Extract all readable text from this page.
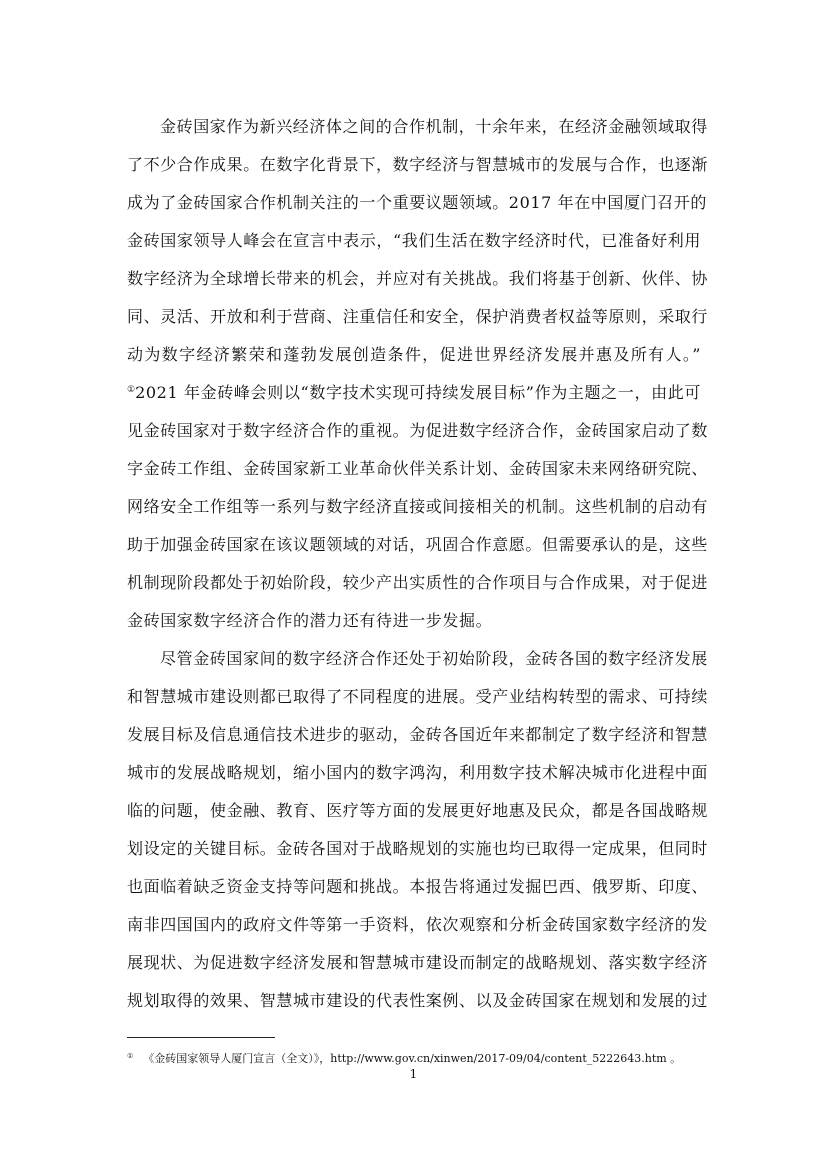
金砖国家作为新兴经济体之间的合作机制，十余年来，在经济金融领域取得
了不少合作成果。在数字化背景下，数字经济与智慧城市的发展与合作，也逐渐
成为了金砖国家合作机制关注的一个重要议题领域。2017 年在中国厦门召开的
金砖国家领导人峰会在宣言中表示，“我们生活在数字经济时代，已准备好利用
数字经济为全球增长带来的机会，并应对有关挑战。我们将基于创新、伙伴、协
同、灵活、开放和利于营商、注重信任和安全，保护消费者权益等原则，采取行
动为数字经济繁荣和蓬勃发展创造条件，促进世界经济发展并惠及所有人。”
①2021 年金砖峰会则以“数字技术实现可持续发展目标”作为主题之一，由此可
见金砖国家对于数字经济合作的重视。为促进数字经济合作，金砖国家启动了数
字金砖工作组、金砖国家新工业革命伙伴关系计划、金砖国家未来网络研究院、
网络安全工作组等一系列与数字经济直接或间接相关的机制。这些机制的启动有
助于加强金砖国家在该议题领域的对话，巩固合作意愿。但需要承认的是，这些
机制现阶段都处于初始阶段，较少产出实质性的合作项目与合作成果，对于促进
金砖国家数字经济合作的潜力还有待进一步发掘。
尽管金砖国家间的数字经济合作还处于初始阶段，金砖各国的数字经济发展
和智慧城市建设则都已取得了不同程度的进展。受产业结构转型的需求、可持续
发展目标及信息通信技术进步的驱动，金砖各国近年来都制定了数字经济和智慧
城市的发展战略规划，缩小国内的数字鸿沟，利用数字技术解决城市化进程中面
临的问题，使金融、教育、医疗等方面的发展更好地惠及民众，都是各国战略规
划设定的关键目标。金砖各国对于战略规划的实施也均已取得一定成果，但同时
也面临着缺乏资金支持等问题和挑战。本报告将通过发掘巴西、俄罗斯、印度、
南非四国国内的政府文件等第一手资料，依次观察和分析金砖国家数字经济的发
展现状、为促进数字经济发展和智慧城市建设而制定的战略规划、落实数字经济
规划取得的效果、智慧城市建设的代表性案例、以及金砖国家在规划和发展的过
① 《金砖国家领导人厦门宣言（全文）》，http://www.gov.cn/xinwen/2017-09/04/content_5222643.htm 。
1
